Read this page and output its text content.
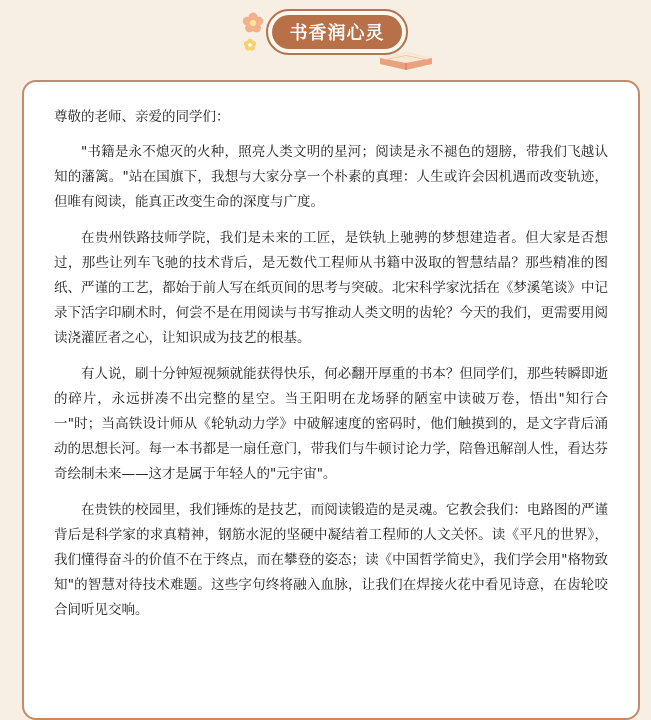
书香润心灵

尊敬的老师、亲爱的同学们：

"书籍是永不熄灭的火种，照亮人类文明的星河；阅读是永不褪色的翅膀，带我们飞越认知的藩篱。"站在国旗下，我想与大家分享一个朴素的真理：人生或许会因机遇而改变轨迹，但唯有阅读，能真正改变生命的深度与广度。

在贵州铁路技师学院，我们是未来的工匠，是铁轨上驰骋的梦想建造者。但大家是否想过，那些让列车飞驰的技术背后，是无数代工程师从书籍中汲取的智慧结晶？那些精准的图纸、严谨的工艺，都始于前人写在纸页间的思考与突破。北宋科学家沈括在《梦溪笔谈》中记录下活字印刷术时，何尝不是在用阅读与书写推动人类文明的齿轮？今天的我们，更需要用阅读浇灌匠者之心，让知识成为技艺的根基。

有人说，刷十分钟短视频就能获得快乐，何必翻开厚重的书本？但同学们，那些转瞬即逝的碎片，永远拼凑不出完整的星空。当王阳明在龙场驿的陋室中读破万卷，悟出"知行合一"时；当高铁设计师从《轮轨动力学》中破解速度的密码时，他们触摸到的，是文字背后涌动的思想长河。每一本书都是一扇任意门，带我们与牛顿讨论力学，陪鲁迅解剖人性，看达芬奇绘制未来——这才是属于年轻人的"元宇宙"。

在贵铁的校园里，我们锤炼的是技艺，而阅读锻造的是灵魂。它教会我们：电路图的严谨背后是科学家的求真精神，钢筋水泥的坚硬中凝结着工程师的人文关怀。读《平凡的世界》，我们懂得奋斗的价值不在于终点，而在攀登的姿态；读《中国哲学简史》，我们学会用"格物致知"的智慧对待技术难题。这些字句终将融入血脉，让我们在焊接火花中看见诗意，在齿轮咬合间听见交响。
